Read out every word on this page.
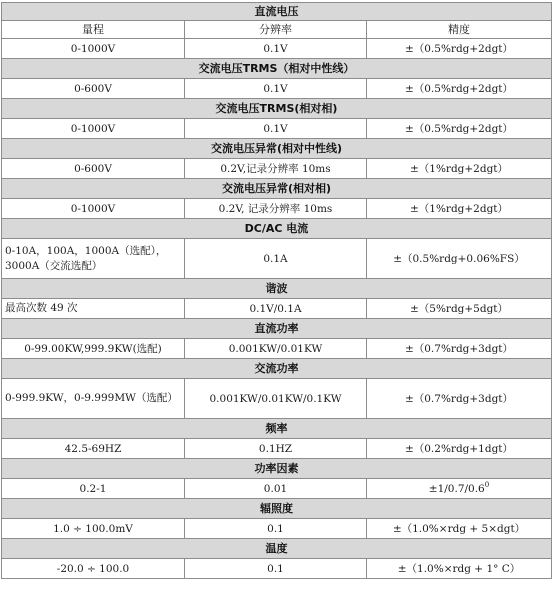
直流电压		
量程	分辨率	精度
0-1000V	0.1V	±（0.5%rdg+2dgt）
交流电压TRMS（相对中性线）		
0-600V	0.1V	±（0.5%rdg+2dgt）
交流电压TRMS(相对相)		
0-1000V	0.1V	±（0.5%rdg+2dgt）
交流电压异常(相对中性线)		
0-600V	0.2V,记录分辨率 10ms	±（1%rdg+2dgt）
交流电压异常(相对相)		
0-1000V	0.2V, 记录分辨率 10ms	±（1%rdg+2dgt）
DC/AC 电流		
0-10A，100A，1000A（选配），3000A（交流选配）	0.1A	±（0.5%rdg+0.06%FS）
谐波		
最高次数 49 次	0.1V/0.1A	±（5%rdg+5dgt）
直流功率		
0-99.00KW,999.9KW(选配)	0.001KW/0.01KW	±（0.7%rdg+3dgt）
交流功率		
0-999.9KW，0-9.999MW（选配）	0.001KW/0.01KW/0.1KW	±（0.7%rdg+3dgt）
频率		
42.5-69HZ	0.1HZ	±（0.2%rdg+1dgt）
功率因素		
0.2-1	0.01	$\pm 1/0.7/0.6^0$
辐照度		
1.0 ÷ 100.0mV	0.1	±（1.0%×rdg + 5×dgt）
温度		
-20.0 ÷ 100.0	0.1	±（1.0%×rdg + 1° C）
